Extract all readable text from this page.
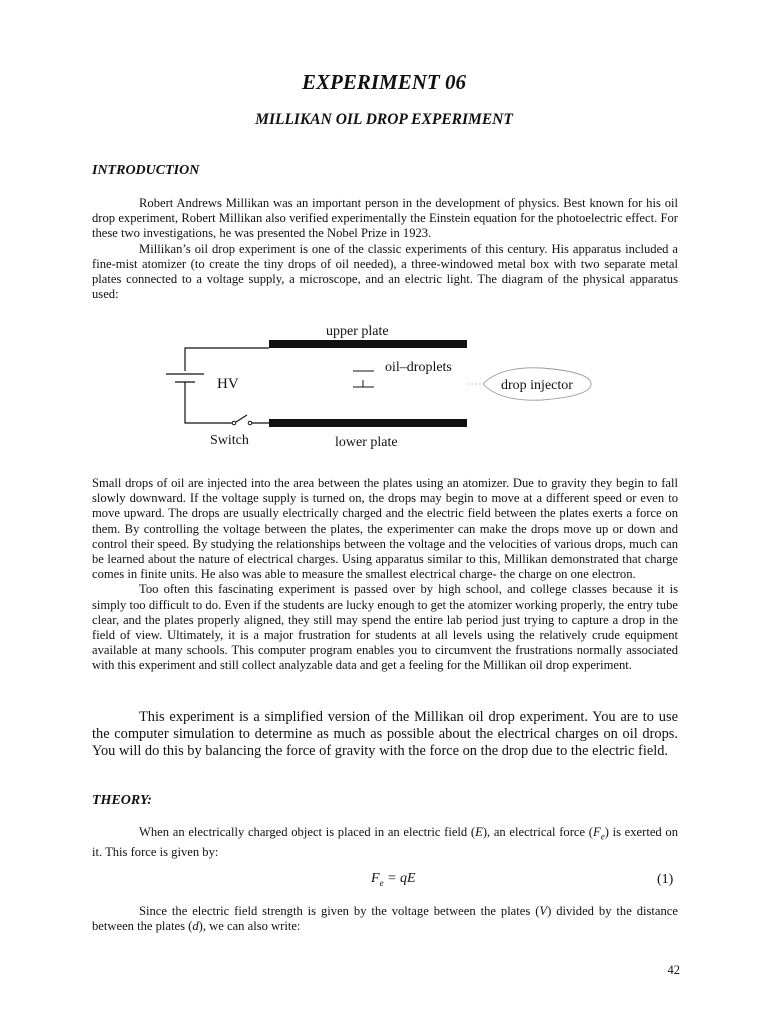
EXPERIMENT 06
MILLIKAN OIL DROP EXPERIMENT
INTRODUCTION

Robert Andrews Millikan was an important person in the development of physics. Best known for his oil drop experiment, Robert Millikan also verified experimentally the Einstein equation for the photoelectric effect. For these two investigations, he was presented the Nobel Prize in 1923.

Millikan’s oil drop experiment is one of the classic experiments of this century. His apparatus included a fine-mist atomizer (to create the tiny drops of oil needed), a three-windowed metal box with two separate metal plates connected to a voltage supply, a microscope, and an electric light. The diagram of the physical apparatus used:

upper plate
lower plate
oil–droplets
drop injector
HV
Switch

Small drops of oil are injected into the area between the plates using an atomizer. Due to gravity they begin to fall slowly downward. If the voltage supply is turned on, the drops may begin to move at a different speed or even to move upward. The drops are usually electrically charged and the electric field between the plates exerts a force on them. By controlling the voltage between the plates, the experimenter can make the drops move up or down and control their speed. By studying the relationships between the voltage and the velocities of various drops, much can be learned about the nature of electrical charges. Using apparatus similar to this, Millikan demonstrated that charge comes in finite units. He also was able to measure the smallest electrical charge- the charge on one electron.

Too often this fascinating experiment is passed over by high school, and college classes because it is simply too difficult to do. Even if the students are lucky enough to get the atomizer working properly, the entry tube clear, and the plates properly aligned, they still may spend the entire lab period just trying to capture a drop in the field of view. Ultimately, it is a major frustration for students at all levels using the relatively crude equipment available at many schools. This computer program enables you to circumvent the frustrations normally associated with this experiment and still collect analyzable data and get a feeling for the Millikan oil drop experiment.

This experiment is a simplified version of the Millikan oil drop experiment. You are to use the computer simulation to determine as much as possible about the electrical charges on oil drops. You will do this by balancing the force of gravity with the force on the drop due to the electric field.

THEORY:

When an electrically charged object is placed in an electric field (E), an electrical force $(F_e)$ is exerted on it. This force is given by:

$F_e$ = qE	(1)

Since the electric field strength is given by the voltage between the plates (V) divided by the distance between the plates (d), we can also write:

42
